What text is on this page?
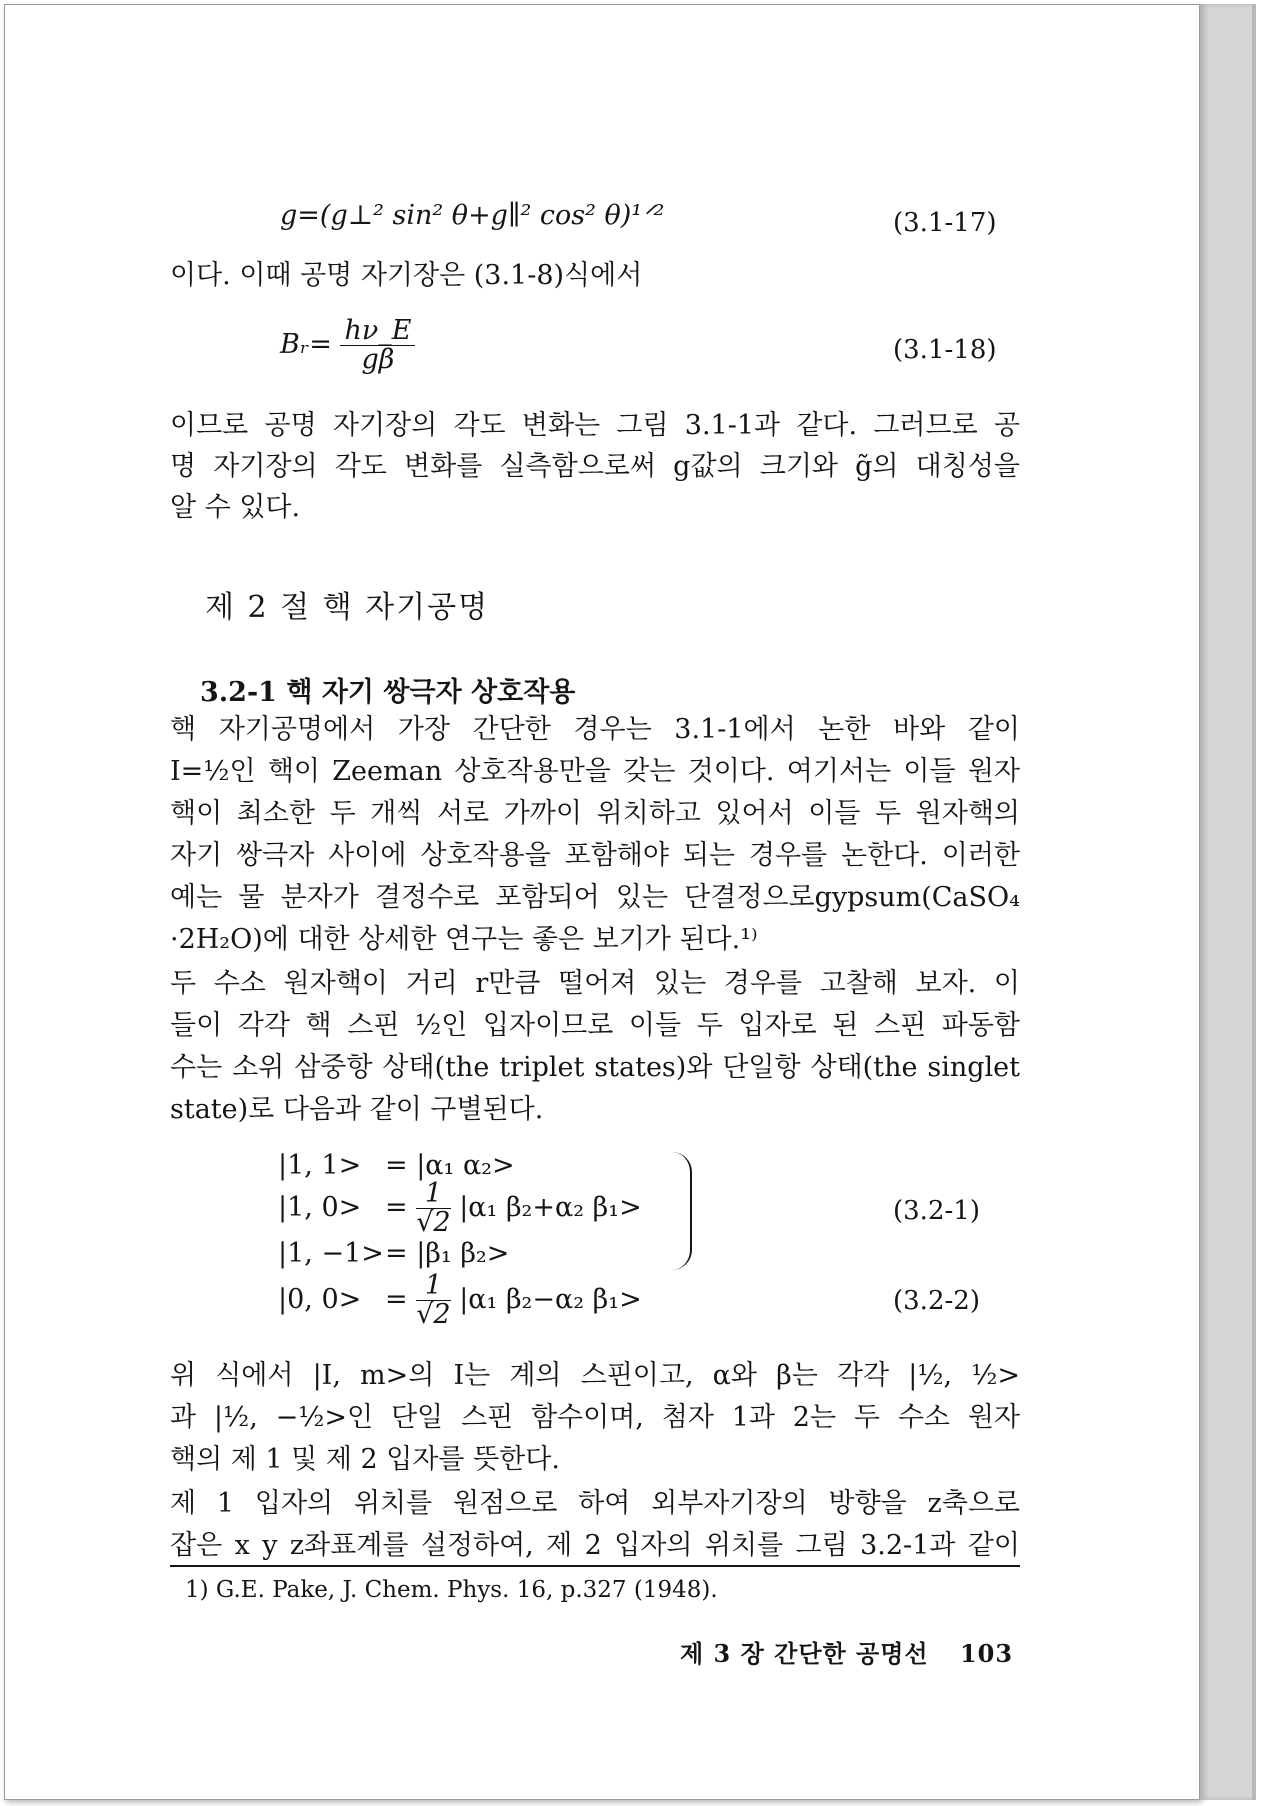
g=(g⊥² sin² θ+g∥² cos² θ)¹ᐟ²	(3.1-17)
이다. 이때 공명 자기장은 (3.1-8)식에서
Bᵣ= $\frac{h\nu\_E}{g\beta}$	(3.1-18)
이므로 공명 자기장의 각도 변화는 그림 3.1-1과 같다. 그러므로 공
명 자기장의 각도 변화를 실측함으로써 g값의 크기와 g̃의 대칭성을
알 수 있다.
제 2 절 핵 자기공명
3.2-1 핵 자기 쌍극자 상호작용
핵 자기공명에서 가장 간단한 경우는 3.1-1에서 논한 바와 같이
I=½인 핵이 Zeeman 상호작용만을 갖는 것이다. 여기서는 이들 원자
핵이 최소한 두 개씩 서로 가까이 위치하고 있어서 이들 두 원자핵의
자기 쌍극자 사이에 상호작용을 포함해야 되는 경우를 논한다. 이러한
예는 물 분자가 결정수로 포함되어 있는 단결정으로gypsum(CaSO₄
·2H₂O)에 대한 상세한 연구는 좋은 보기가 된다.¹⁾
두 수소 원자핵이 거리 r만큼 떨어져 있는 경우를 고찰해 보자. 이
들이 각각 핵 스핀 ½인 입자이므로 이들 두 입자로 된 스핀 파동함
수는 소위 삼중항 상태(the triplet states)와 단일항 상태(the singlet
state)로 다음과 같이 구별된다.
|1, 1> = |α₁ α₂>
|1, $0> = \frac{1}{√2} |\alpha_1$ β₂+α₂ β₁>
|1, −1> = |β₁ β₂>
(3.2-1)
|0, $0> = \frac{1}{√2} |\alpha_1$ β₂−α₂ β₁>	(3.2-2)
위 식에서 |I, m>의 I는 계의 스핀이고, α와 β는 각각 |½, ½>
과 |½, −½>인 단일 스핀 함수이며, 첨자 1과 2는 두 수소 원자
핵의 제 1 및 제 2 입자를 뜻한다.
제 1 입자의 위치를 원점으로 하여 외부자기장의 방향을 z축으로
잡은 x y z좌표계를 설정하여, 제 2 입자의 위치를 그림 3.2-1과 같이
1) G.E. Pake, J. Chem. Phys. 16, p.327 (1948).
제 3 장 간단한 공명선 103
